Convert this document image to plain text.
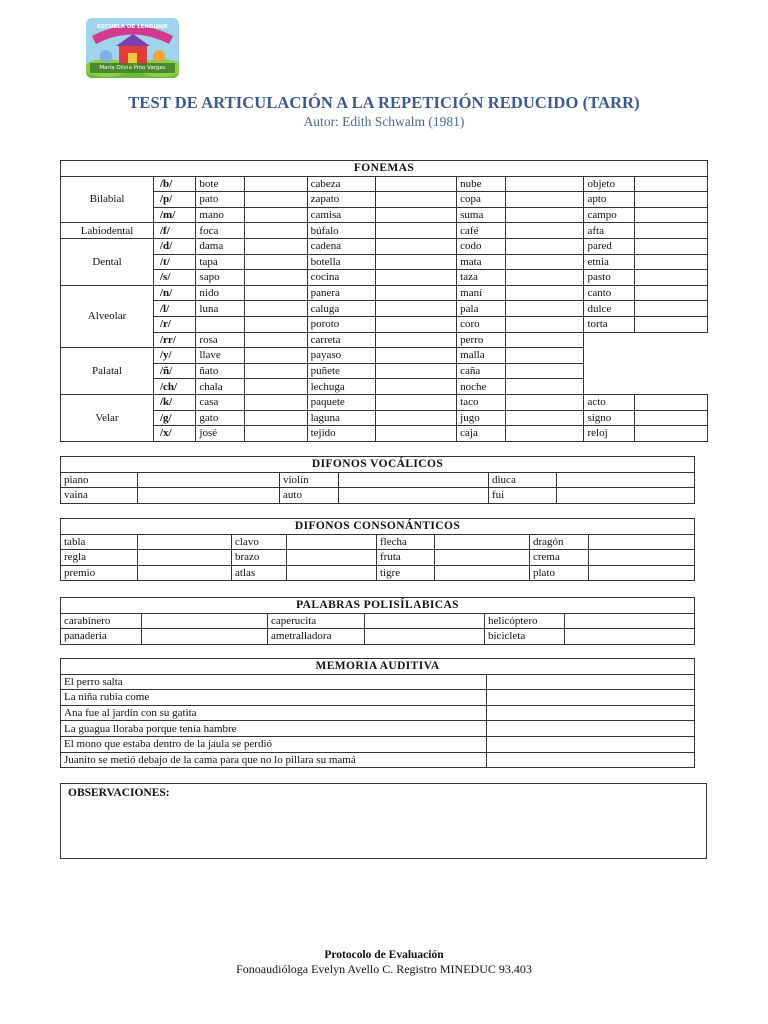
ESCUELA DE LENGUAJE
María Olivia Pino Vargas
TEST DE ARTICULACIÓN A LA REPETICIÓN REDUCIDO (TARR)
Autor: Edith Schwalm (1981)
FONEMAS									
Bilabial	/b/	bote		cabeza		nube		objeto	
	/p/	pato		zapato		copa		apto	
	/m/	mano		camisa		suma		campo	
Labiodental	/f/	foca		búfalo		café		afta	
Dental	/d/	dama		cadena		codo		pared	
	/t/	tapa		botella		mata		etnia	
	/s/	sapo		cocina		taza		pasto	
Alveolar	/n/	nido		panera		maní		canto	
	/l/	luna		caluga		pala		dulce	
	/r/			poroto		coro		torta	
	/rr/	rosa		carreta		perro			
Palatal	/y/	llave		payaso		malla			
	/ñ/	ñato		puñete		caña			
	/ch/	chala		lechuga		noche			
Velar	/k/	casa		paquete		taco		acto	
	/g/	gato		laguna		jugo		signo	
	/x/	josé		tejido		caja		reloj	
DIFONOS VOCÁLICOS					
piano		violín		diuca	
vaina		auto		fui	
DIFONOS CONSONÁNTICOS							
tabla		clavo		flecha		dragón	
regla		brazo		fruta		crema	
premio		atlas		tigre		plato	
PALABRAS POLISÍLABICAS					
carabinero		caperucita		helicóptero	
panadería		ametralladora		bicicleta	
MEMORIA AUDITIVA	
El perro salta	
La niña rubia come	
Ana fue al jardín con su gatita	
La guagua lloraba porque tenía hambre	
El mono que estaba dentro de la jaula se perdió	
Juanito se metió debajo de la cama para que no lo pillara su mamá	
OBSERVACIONES:
Protocolo de Evaluación
Fonoaudióloga Evelyn Avello C. Registro MINEDUC 93.403
